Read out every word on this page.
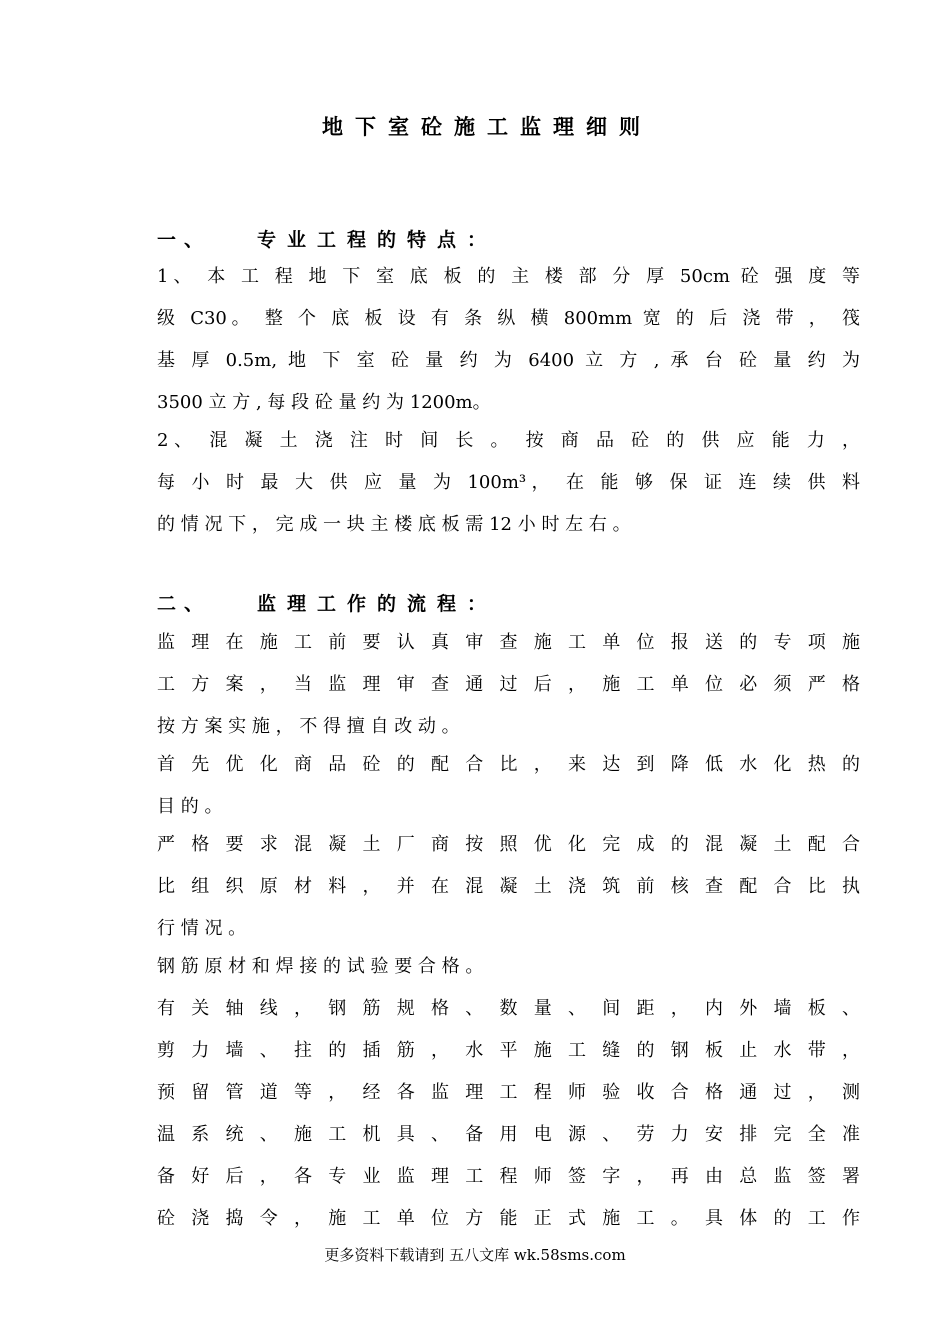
地下室砼施工监理细则
一、 专业工程的特点：
1、 本 工 程 地 下 室 底 板 的 主 楼 部 分 厚 50cm 砼 强 度 等
级 C30。 整 个 底 板 设 有 条 纵 横 800mm 宽 的 后 浇 带 ， 筏
基 厚 0.5m, 地 下 室 砼 量 约 为 6400 立 方 , 承 台 砼 量 约 为
3500 立 方 , 每 段 砼 量 约 为 1200m。
2、 混 凝 土 浇 注 时 间 长 。 按 商 品 砼 的 供 应 能 力 ，
每 小 时 最 大 供 应 量 为 100m³， 在 能 够 保 证 连 续 供 料
的 情 况 下 ， 完 成 一 块 主 楼 底 板 需 12 小 时 左 右 。
二、 监理工作的流程：
监 理 在 施 工 前 要 认 真 审 查 施 工 单 位 报 送 的 专 项 施
工 方 案 ， 当 监 理 审 查 通 过 后 ， 施 工 单 位 必 须 严 格
按 方 案 实 施 ， 不 得 擅 自 改 动 。
首 先 优 化 商 品 砼 的 配 合 比 ， 来 达 到 降 低 水 化 热 的
目 的 。
严 格 要 求 混 凝 土 厂 商 按 照 优 化 完 成 的 混 凝 土 配 合
比 组 织 原 材 料 ， 并 在 混 凝 土 浇 筑 前 核 查 配 合 比 执
行 情 况 。
钢 筋 原 材 和 焊 接 的 试 验 要 合 格 。
有 关 轴 线 ， 钢 筋 规 格 、 数 量 、 间 距 ， 内 外 墙 板 、
剪 力 墙 、 拄 的 插 筋 ， 水 平 施 工 缝 的 钢 板 止 水 带 ，
预 留 管 道 等 ， 经 各 监 理 工 程 师 验 收 合 格 通 过 ， 测
温 系 统 、 施 工 机 具 、 备 用 电 源 、 劳 力 安 排 完 全 准
备 好 后 ， 各 专 业 监 理 工 程 师 签 字 ， 再 由 总 监 签 署
砼 浇 捣 令 ， 施 工 单 位 方 能 正 式 施 工 。 具 体 的 工 作
更多资料下载请到 五八文库 wk.58sms.com
